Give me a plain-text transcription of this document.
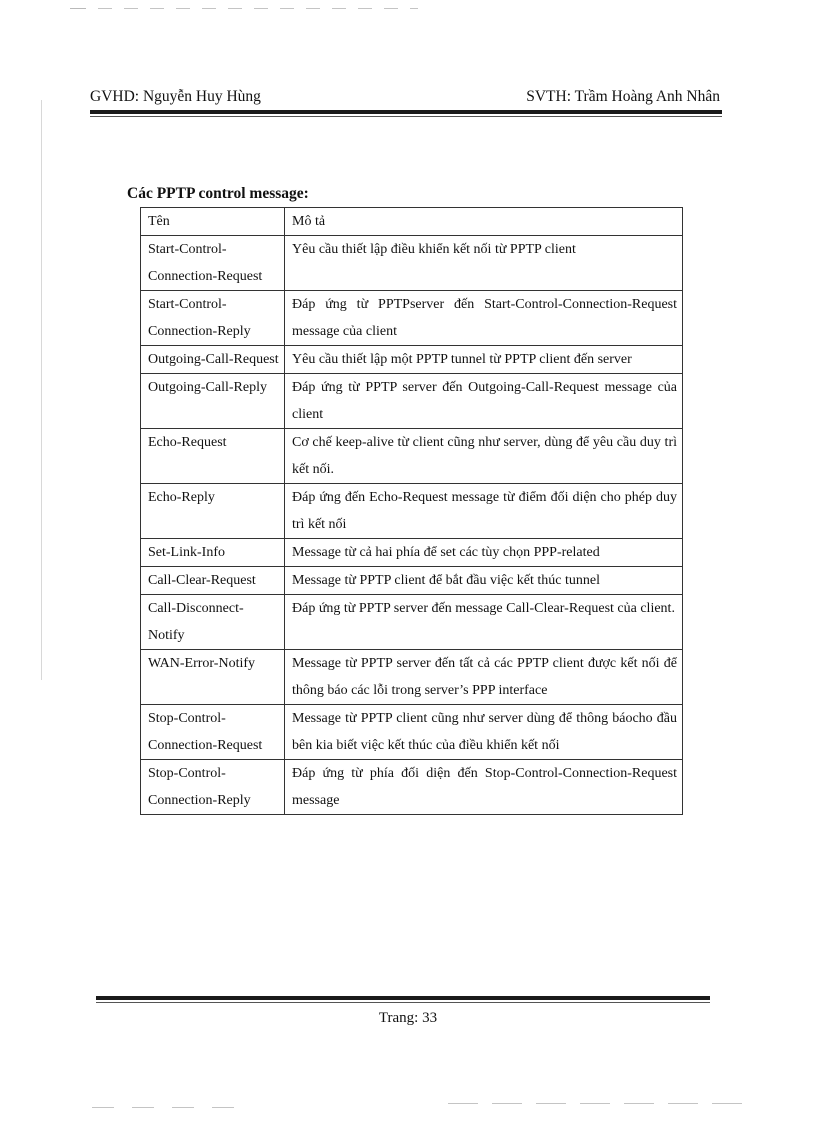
GVHD: Nguyễn Huy Hùng	SVTH: Trầm Hoàng Anh Nhân
Các PPTP control message:
Tên	Mô tả
Start-Control-Connection-Request	Yêu cầu thiết lập điều khiển kết nối từ PPTP client
Start-Control-Connection-Reply	Đáp ứng từ PPTPserver đến Start-Control-Connection-Request message của client
Outgoing-Call-Request	Yêu cầu thiết lập một PPTP tunnel từ PPTP client đến server
Outgoing-Call-Reply	Đáp ứng từ PPTP server đến Outgoing-Call-Request message của client
Echo-Request	Cơ chế keep-alive từ client cũng như server, dùng để yêu cầu duy trì kết nối.
Echo-Reply	Đáp ứng đến Echo-Request message từ điểm đối diện cho phép duy trì kết nối
Set-Link-Info	Message từ cả hai phía để set các tùy chọn PPP-related
Call-Clear-Request	Message từ PPTP client để bắt đầu việc kết thúc tunnel
Call-Disconnect-Notify	Đáp ứng từ PPTP server đến message Call-Clear-Request của client.
WAN-Error-Notify	Message từ PPTP server đến tất cả các PPTP client được kết nối để thông báo các lỗi trong server’s PPP interface
Stop-Control-Connection-Request	Message từ PPTP client cũng như server dùng để thông báocho đầu bên kia biết việc kết thúc của điều khiển kết nối
Stop-Control-Connection-Reply	Đáp ứng từ phía đối diện đến Stop-Control-Connection-Request message
Trang: 33
